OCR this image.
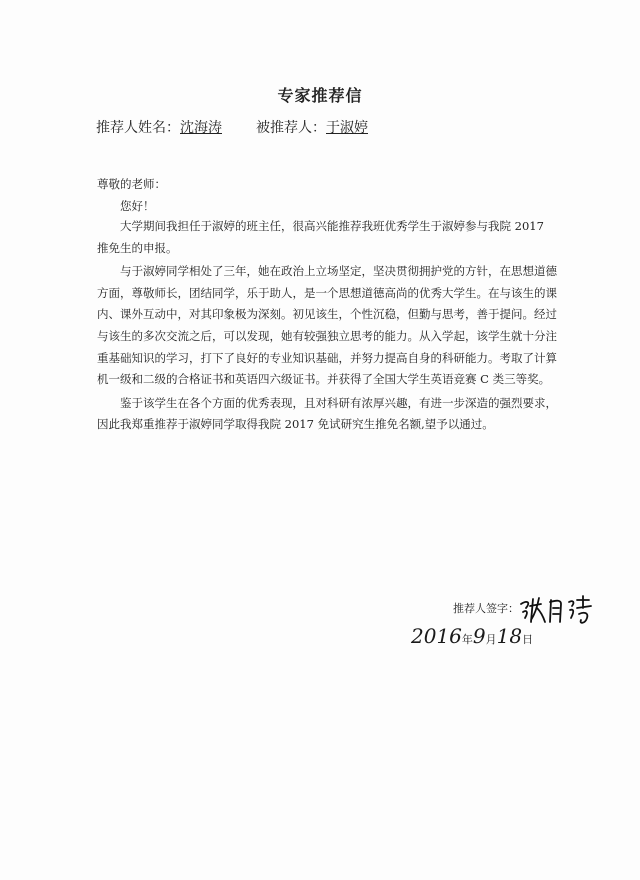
专家推荐信
推荐人姓名：沈海涛 被推荐人：于淑婷
尊敬的老师：
您好！

大学期间我担任于淑婷的班主任，很高兴能推荐我班优秀学生于淑婷参与我院 2017 推免生的申报。

与于淑婷同学相处了三年，她在政治上立场坚定，坚决贯彻拥护党的方针，在思想道德方面，尊敬师长，团结同学，乐于助人，是一个思想道德高尚的优秀大学生。在与该生的课内、课外互动中，对其印象极为深刻。初见该生，个性沉稳，但勤与思考，善于提问。经过与该生的多次交流之后，可以发现，她有较强独立思考的能力。从入学起，该学生就十分注重基础知识的学习，打下了良好的专业知识基础，并努力提高自身的科研能力。考取了计算机一级和二级的合格证书和英语四六级证书。并获得了全国大学生英语竞赛 C 类三等奖。

鉴于该学生在各个方面的优秀表现，且对科研有浓厚兴趣，有进一步深造的强烈要求，因此我郑重推荐于淑婷同学取得我院 2017 免试研究生推免名额,望予以通过。

推荐人签字：
2016年9月18日
